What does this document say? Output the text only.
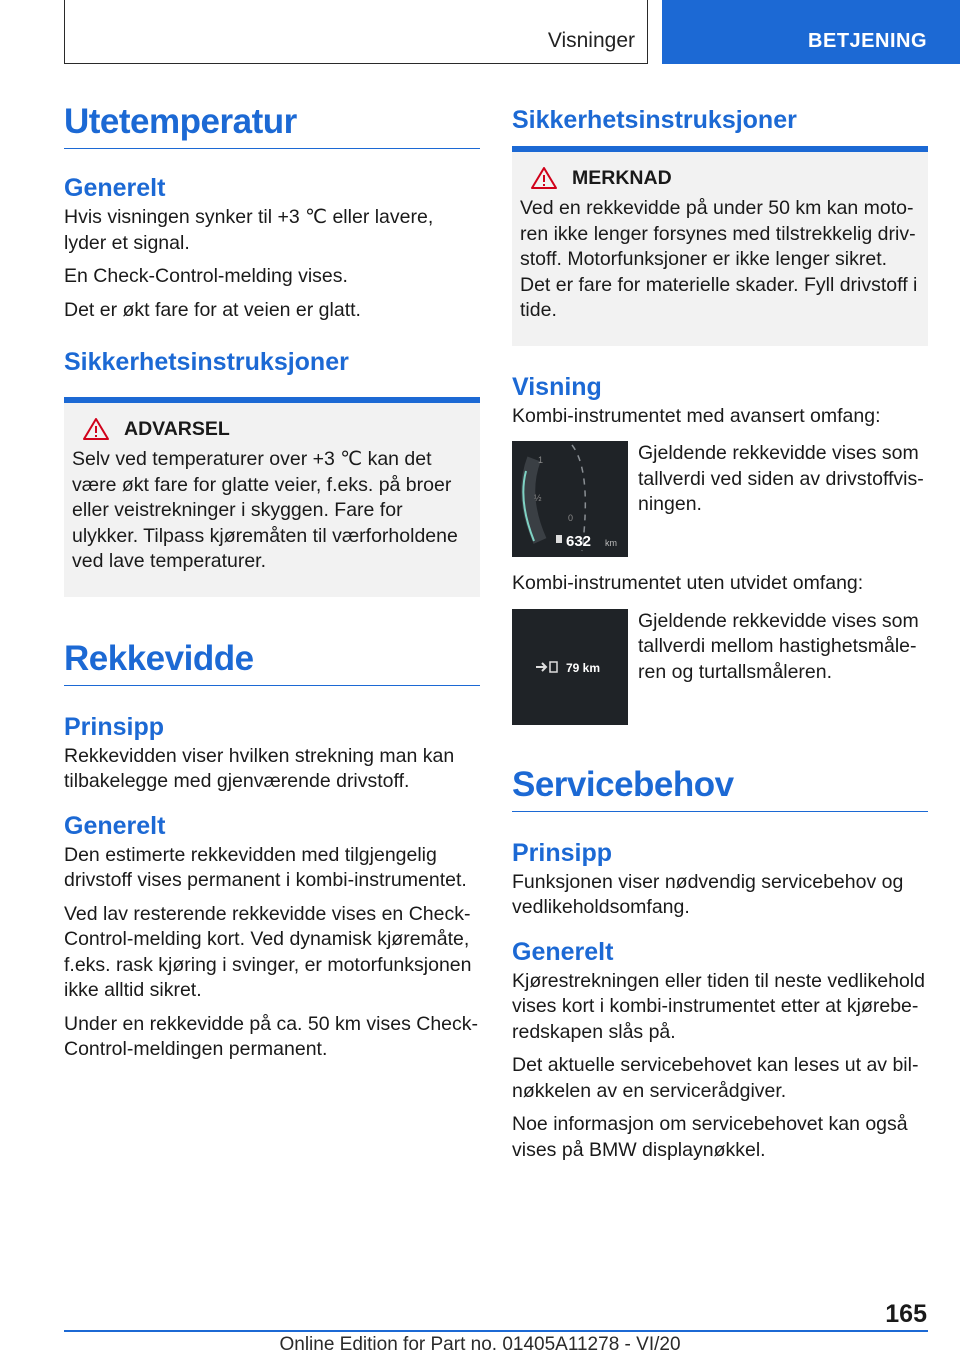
Visninger	BETJENING
Utetemperatur
Generelt

Hvis visningen synker til +3 ℃ eller lavere, lyder et signal.

En Check-Control-melding vises.

Det er økt fare for at veien er glatt.

Sikkerhetsinstruksjoner
ADVARSEL

Selv ved temperaturer over +3 ℃ kan det være økt fare for glatte veier, f.eks. på broer eller veistrekninger i skyggen. Fare for ulykker. Tilpass kjøremåten til værforholdene ved lave temperaturer.

Rekkevidde
Prinsipp

Rekkevidden viser hvilken strekning man kan tilbakelegge med gjenværende drivstoff.

Generelt

Den estimerte rekkevidden med tilgjengelig drivstoff vises permanent i kombi-instrumentet.

Ved lav resterende rekkevidde vises en Check-Control-melding kort. Ved dynamisk kjøremåte, f.eks. rask kjøring i svinger, er motorfunksjonen ikke alltid sikret.

Under en rekkevidde på ca. 50 km vises Check-Control-meldingen permanent.

Sikkerhetsinstruksjoner
MERKNAD

Ved en rekkevidde på under 50 km kan motoren ikke lenger forsynes med tilstrekkelig drivstoff. Motorfunksjoner er ikke lenger sikret. Det er fare for materielle skader. Fyll drivstoff i tide.

Visning

Kombi-instrumentet med avansert omfang:

1
½
0
632 km
Gjeldende rekkevidde vises som tallverdi ved siden av drivstoffvisningen.

Kombi-instrumentet uten utvidet omfang:

79 km
Gjeldende rekkevidde vises som tallverdi mellom hastighetsmåleren og turtallsmåleren.
Servicebehov
Prinsipp

Funksjonen viser nødvendig servicebehov og vedlikeholdsomfang.

Generelt

Kjørestrekningen eller tiden til neste vedlikehold vises kort i kombi-instrumentet etter at kjøreberedskapen slås på.

Det aktuelle servicebehovet kan leses ut av bilnøkkelen av en servicerådgiver.

Noe informasjon om servicebehovet kan også vises på BMW displaynøkkel.

165
Online Edition for Part no. 01405A11278 - VI/20
